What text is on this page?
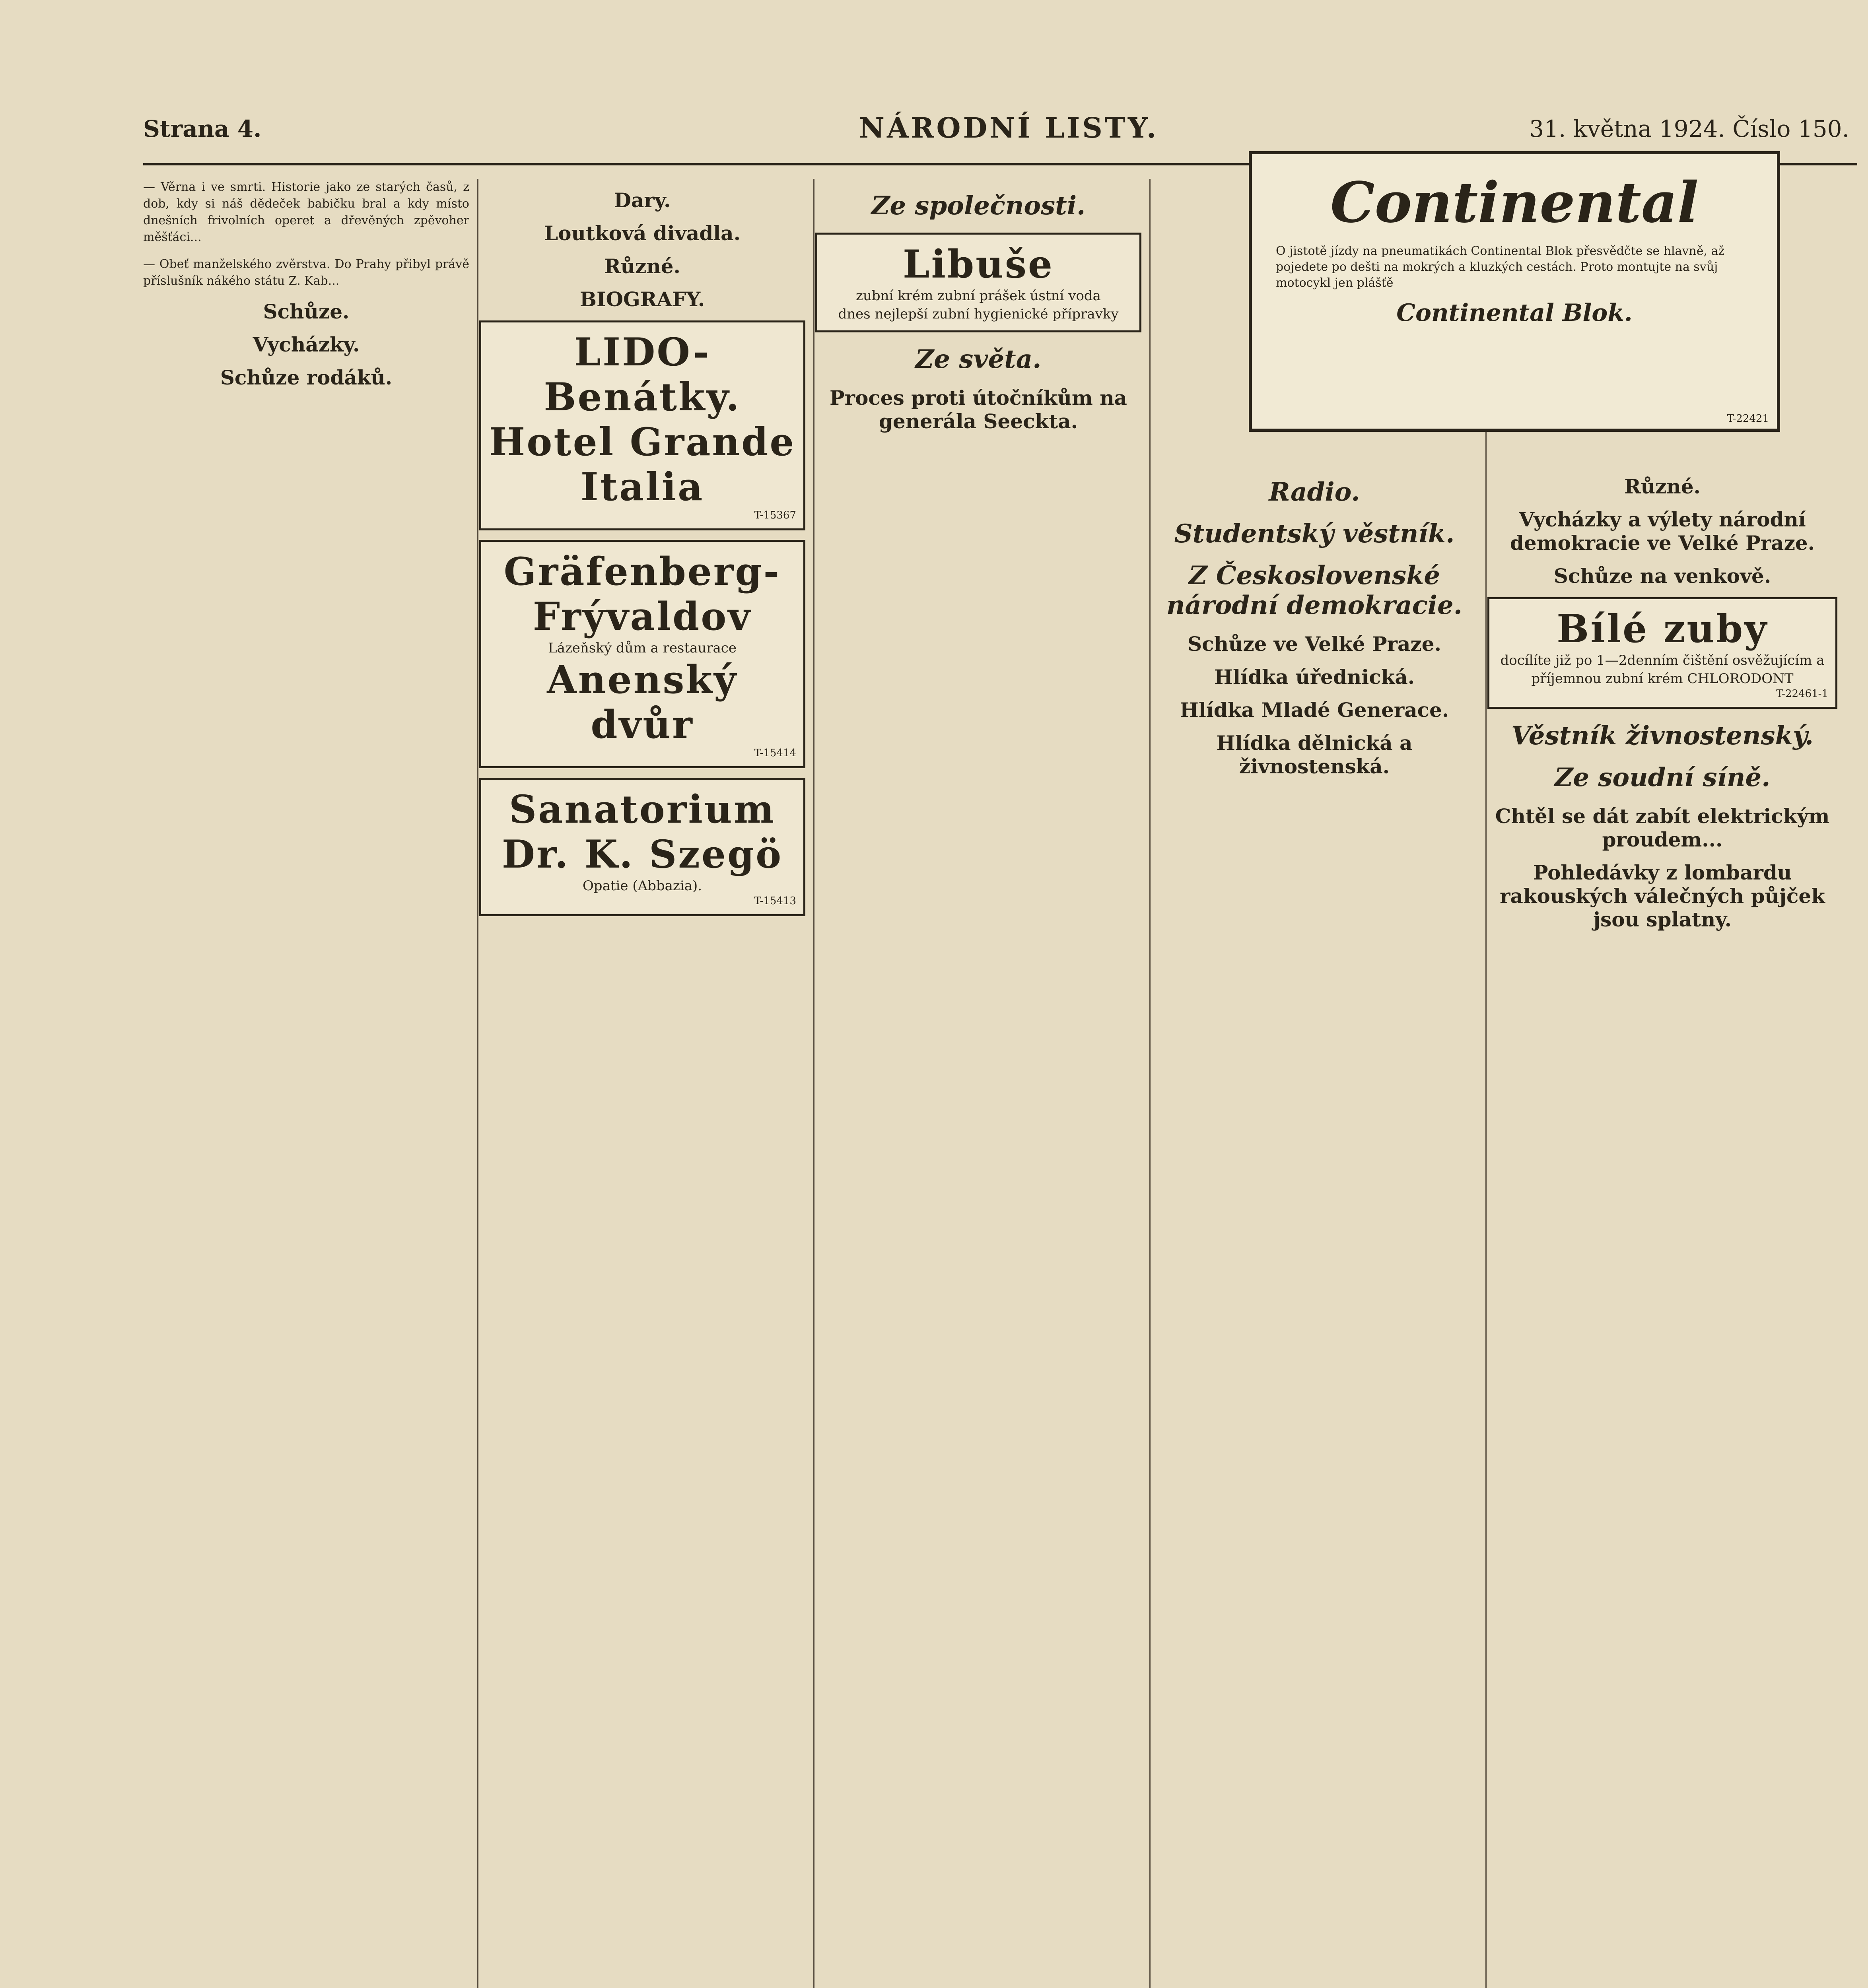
Strana 4.	NÁRODNÍ LISTY.	31. května 1924. Číslo 150.

— Věrna i ve smrti. Historie jako ze starých časů, z dob, kdy si náš dědeček babičku bral a kdy místo dnešních frivolních operet a dřevěných zpěvoher měšťáci...

— Obeť manželského zvěrstva. Do Prahy přibyl právě příslušník nákého státu Z. Kab...

Schůze.
Vycházky.
Schůze rodáků.
Dary.
Loutková divadla.
Různé.
BIOGRAFY.
LIDO-Benátky. Hotel Grande Italia
T-15367
Gräfenberg-Frývaldov
Lázeňský dům a restaurace
Anenský dvůr
T-15414
Sanatorium Dr. K. Szegö
Opatie (Abbazia).
T-15413
Ze společnosti.
Libuše
zubní krém zubní prášek ústní voda
dnes nejlepší zubní hygienické přípravky
Ze světa.
Proces proti útočníkům na generála Seeckta.
Radio.
Studentský věstník.
Z Československé národní demokracie.
Schůze ve Velké Praze.
Hlídka úřednická.
Hlídka Mladé Generace.
Hlídka dělnická a živnostenská.
Různé.
Vycházky a výlety národní demokracie ve Velké Praze.
Schůze na venkově.
Bílé zuby
docílíte již po 1—2denním čištění osvěžujícím a příjemnou zubní krém CHLORODONT
T-22461-1
Věstník živnostenský.
Ze soudní síně.
Chtěl se dát zabít elektrickým proudem...
Pohledávky z lombardu rakouských válečných půjček jsou splatny.
Continental
O jistotě jízdy na pneumatikách Continental Blok přesvědčte se hlavně, až pojedete po dešti na mokrých a kluzkých cestách. Proto montujte na svůj motocykl jen plášťě
Continental Blok.
T-22421
